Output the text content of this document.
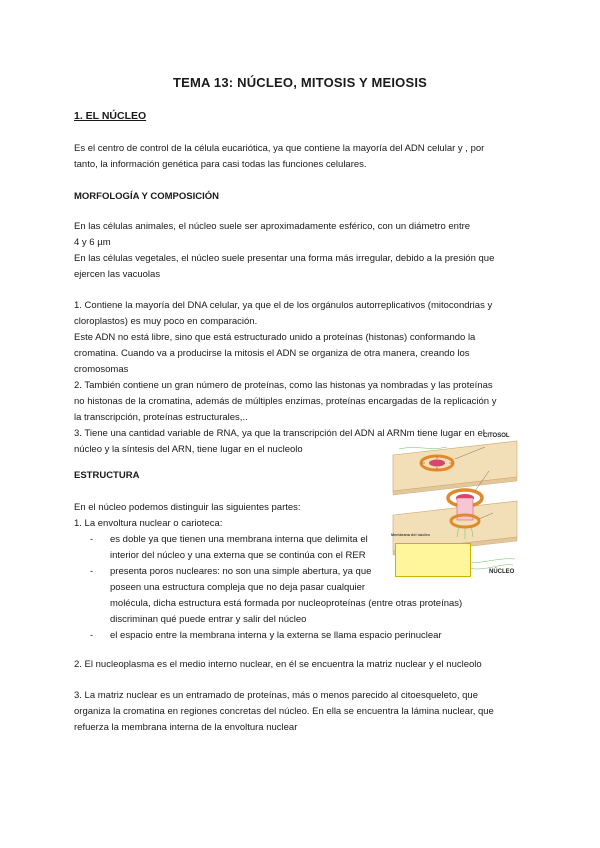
TEMA 13: NÚCLEO, MITOSIS Y MEIOSIS
1. EL NÚCLEO
Es el centro de control de la célula eucariótica, ya que contiene la mayoría del ADN celular y , por
tanto, la información genética para casi todas las funciones celulares.
MORFOLOGÍA Y COMPOSICIÓN
En las células animales, el núcleo suele ser aproximadamente esférico, con un diámetro entre
4 y 6 µm
En las células vegetales, el núcleo suele presentar una forma más irregular, debido a la presión que
ejercen las vacuolas
1. Contiene la mayoría del DNA celular, ya que el de los orgánulos autorreplicativos (mitocondrias y
cloroplastos) es muy poco en comparación.
Este ADN no está libre, sino que está estructurado unido a proteínas (histonas) conformando la
cromatina. Cuando va a producirse la mitosis el ADN se organiza de otra manera, creando los
cromosomas
2. También contiene un gran número de proteínas, como las histonas ya nombradas y las proteínas
no histonas de la cromatina, además de múltiples enzimas, proteínas encargadas de la replicación y
la transcripción, proteínas estructurales,..
3. Tiene una cantidad variable de RNA, ya que la transcripción del ADN al ARNm tiene lugar en el
núcleo y la síntesis del ARN, tiene lugar en el nucleolo
ESTRUCTURA
En el núcleo podemos distinguir las siguientes partes:
1. La envoltura nuclear o carioteca:
- es doble ya que tienen una membrana interna que delimita el
interior del núcleo y una externa que se continúa con el RER
- presenta poros nucleares: no son una simple abertura, ya que
poseen una estructura compleja que no deja pasar cualquier
molécula, dicha estructura está formada por nucleoproteínas (entre otras proteínas)
discriminan qué puede entrar y salir del núcleo
- el espacio entre la membrana interna y la externa se llama espacio perinuclear
2. El nucleoplasma es el medio interno nuclear, en él se encuentra la matriz nuclear y el nucleolo
3. La matriz nuclear es un entramado de proteínas, más o menos parecido al citoesqueleto, que
organiza la cromatina en regiones concretas del núcleo. En ella se encuentra la lámina nuclear, que
refuerza la membrana interna de la envoltura nuclear
CITOSOL
NÚCLEO
Membrana del núcleo
